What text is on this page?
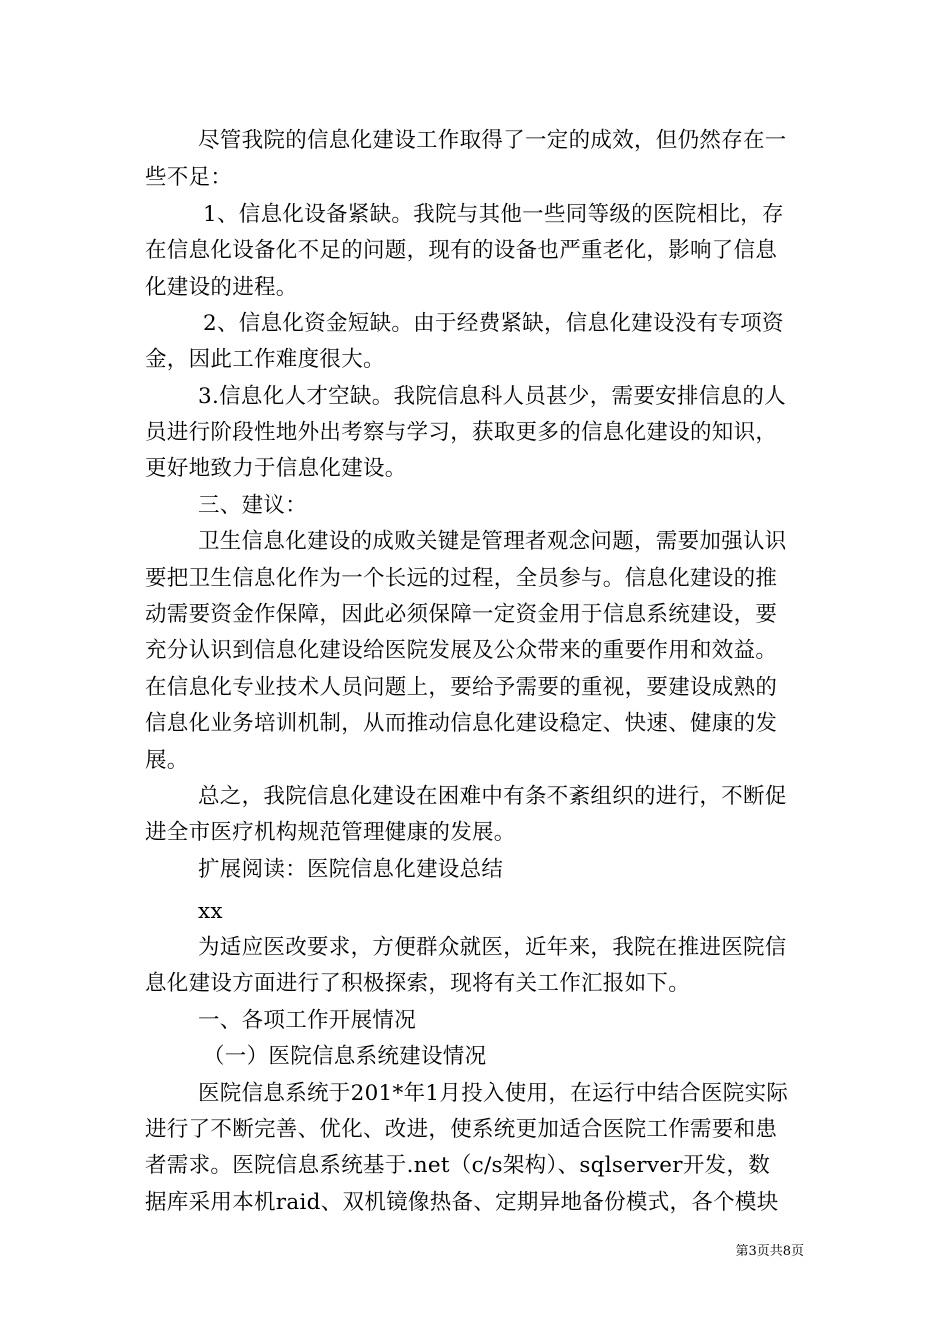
尽管我院的信息化建设工作取得了一定的成效，但仍然存在一
些不足：
1、信息化设备紧缺。我院与其他一些同等级的医院相比，存
在信息化设备化不足的问题，现有的设备也严重老化，影响了信息
化建设的进程。
2、信息化资金短缺。由于经费紧缺，信息化建设没有专项资
金，因此工作难度很大。
3.信息化人才空缺。我院信息科人员甚少，需要安排信息的人
员进行阶段性地外出考察与学习，获取更多的信息化建设的知识，
更好地致力于信息化建设。
三、建议：
卫生信息化建设的成败关键是管理者观念问题，需要加强认识
要把卫生信息化作为一个长远的过程，全员参与。信息化建设的推
动需要资金作保障，因此必须保障一定资金用于信息系统建设，要
充分认识到信息化建设给医院发展及公众带来的重要作用和效益。
在信息化专业技术人员问题上，要给予需要的重视，要建设成熟的
信息化业务培训机制，从而推动信息化建设稳定、快速、健康的发
展。
总之，我院信息化建设在困难中有条不紊组织的进行，不断促
进全市医疗机构规范管理健康的发展。
扩展阅读：医院信息化建设总结
xx
为适应医改要求，方便群众就医，近年来，我院在推进医院信
息化建设方面进行了积极探索，现将有关工作汇报如下。
一、各项工作开展情况
（一）医院信息系统建设情况
医院信息系统于201*年1月投入使用，在运行中结合医院实际
进行了不断完善、优化、改进，使系统更加适合医院工作需要和患
者需求。医院信息系统基于.net（c/s架构）、sqlserver开发，数
据库采用本机raid、双机镜像热备、定期异地备份模式，各个模块
第3页共8页
